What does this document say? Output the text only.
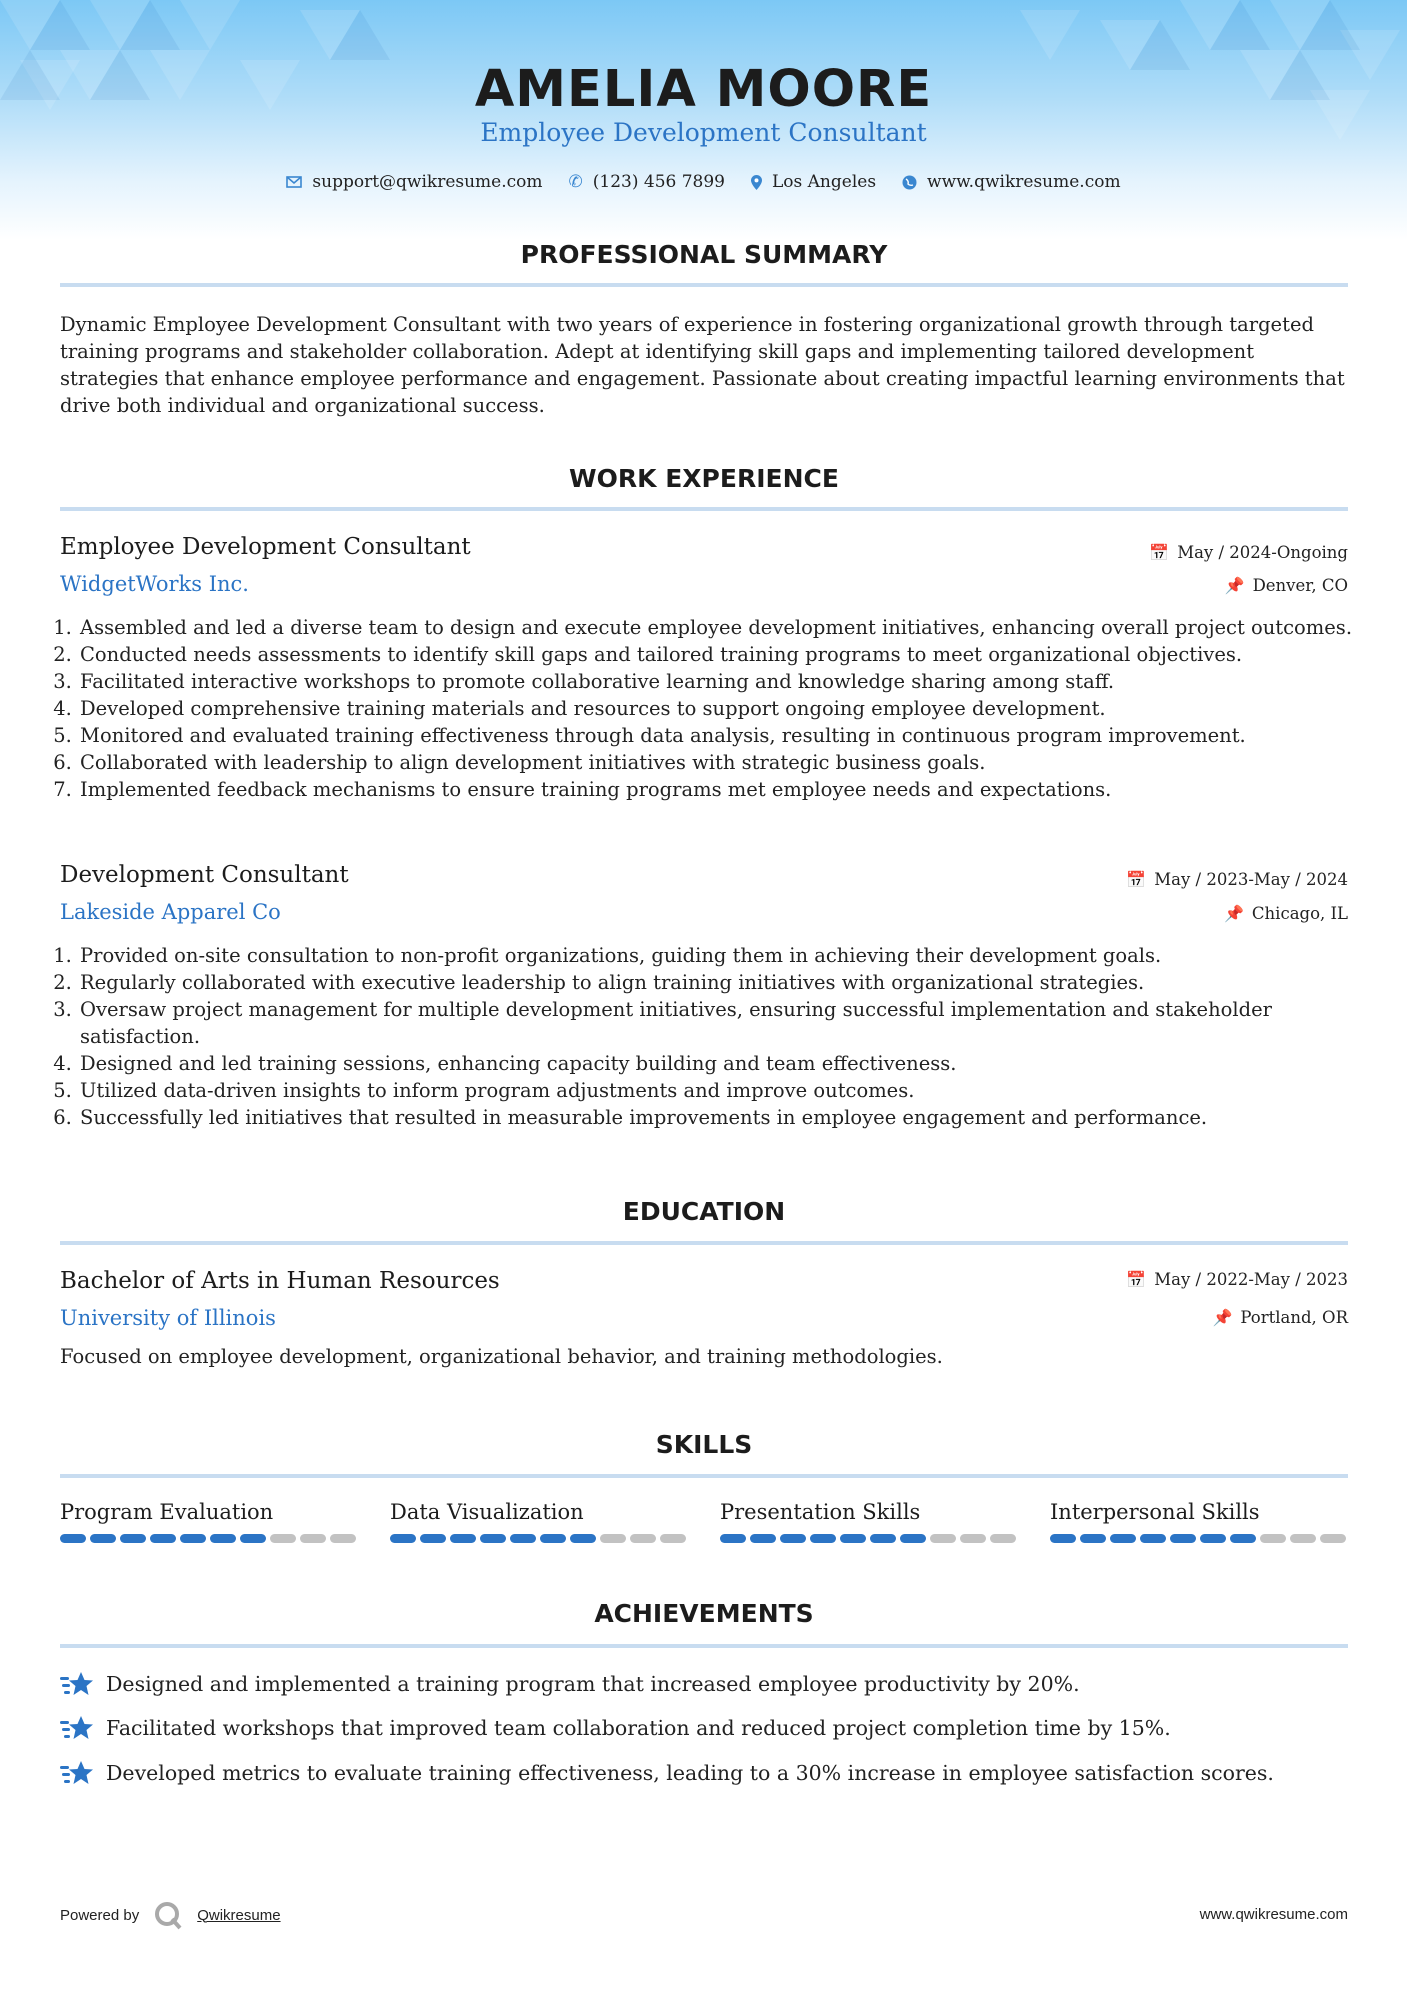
AMELIA MOORE
Employee Development Consultant
support@qwikresume.com ✆ (123) 456 7899	Los Angeles	www.qwikresume.com
PROFESSIONAL SUMMARY
Dynamic Employee Development Consultant with two years of experience in fostering organizational growth through targeted training programs and stakeholder collaboration. Adept at identifying skill gaps and implementing tailored development strategies that enhance employee performance and engagement. Passionate about creating impactful learning environments that drive both individual and organizational success.
WORK EXPERIENCE
Employee Development Consultant	📅 May / 2024-Ongoing
WidgetWorks Inc.	📌 Denver, CO
1. Assembled and led a diverse team to design and execute employee development initiatives, enhancing overall project outcomes.
2. Conducted needs assessments to identify skill gaps and tailored training programs to meet organizational objectives.
3. Facilitated interactive workshops to promote collaborative learning and knowledge sharing among staff.
4. Developed comprehensive training materials and resources to support ongoing employee development.
5. Monitored and evaluated training effectiveness through data analysis, resulting in continuous program improvement.
6. Collaborated with leadership to align development initiatives with strategic business goals.
7. Implemented feedback mechanisms to ensure training programs met employee needs and expectations.
Development Consultant	📅 May / 2023-May / 2024
Lakeside Apparel Co	📌 Chicago, IL
1. Provided on-site consultation to non-profit organizations, guiding them in achieving their development goals.
2. Regularly collaborated with executive leadership to align training initiatives with organizational strategies.
3. Oversaw project management for multiple development initiatives, ensuring successful implementation and stakeholder satisfaction.
4. Designed and led training sessions, enhancing capacity building and team effectiveness.
5. Utilized data-driven insights to inform program adjustments and improve outcomes.
6. Successfully led initiatives that resulted in measurable improvements in employee engagement and performance.
EDUCATION
Bachelor of Arts in Human Resources	📅 May / 2022-May / 2023
University of Illinois	📌 Portland, OR
Focused on employee development, organizational behavior, and training methodologies.
SKILLS
Program Evaluation	Data Visualization	Presentation Skills	Interpersonal Skills
ACHIEVEMENTS
Designed and implemented a training program that increased employee productivity by 20%.
Facilitated workshops that improved team collaboration and reduced project completion time by 15%.
Developed metrics to evaluate training effectiveness, leading to a 30% increase in employee satisfaction scores.
Powered by	Qwikresume	www.qwikresume.com
